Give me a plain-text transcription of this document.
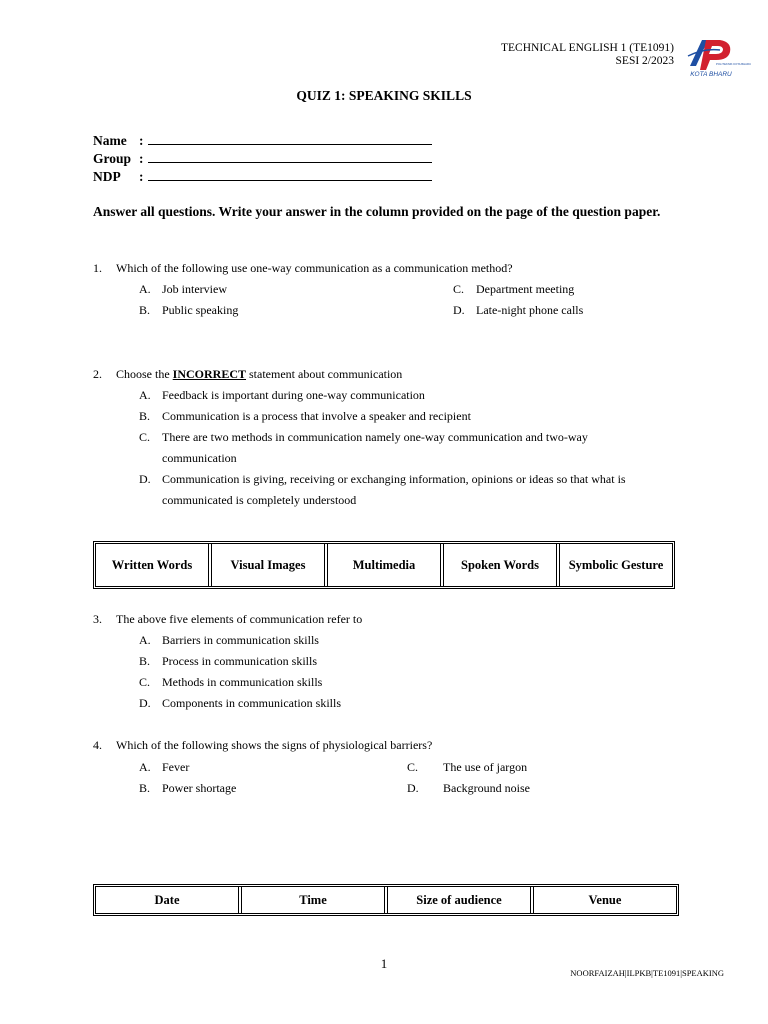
TECHNICAL ENGLISH 1 (TE1091)
SESI 2/2023
KOTA BHARU
POLITEKNIK KOTA BHARU
QUIZ 1: SPEAKING SKILLS
Name :
Group :
NDP :
Answer all questions. Write your answer in the column provided on the page of the question paper.
1. Which of the following use one-way communication as a communication method?
A. Job interview
B. Public speaking
C. Department meeting
D. Late-night phone calls
2. Choose the INCORRECT statement about communication
A. Feedback is important during one-way communication
B. Communication is a process that involve a speaker and recipient
C. There are two methods in communication namely one-way communication and two-way
communication
D. Communication is giving, receiving or exchanging information, opinions or ideas so that what is
communicated is completely understood
Written Words	Visual Images	Multimedia	Spoken Words	Symbolic Gesture
3. The above five elements of communication refer to
A. Barriers in communication skills
B. Process in communication skills
C. Methods in communication skills
D. Components in communication skills
4. Which of the following shows the signs of physiological barriers?
A. Fever
B. Power shortage
C. The use of jargon
D. Background noise
Date	Time	Size of audience	Venue
1
NOORFAIZAH|ILPKB|TE1091|SPEAKING
